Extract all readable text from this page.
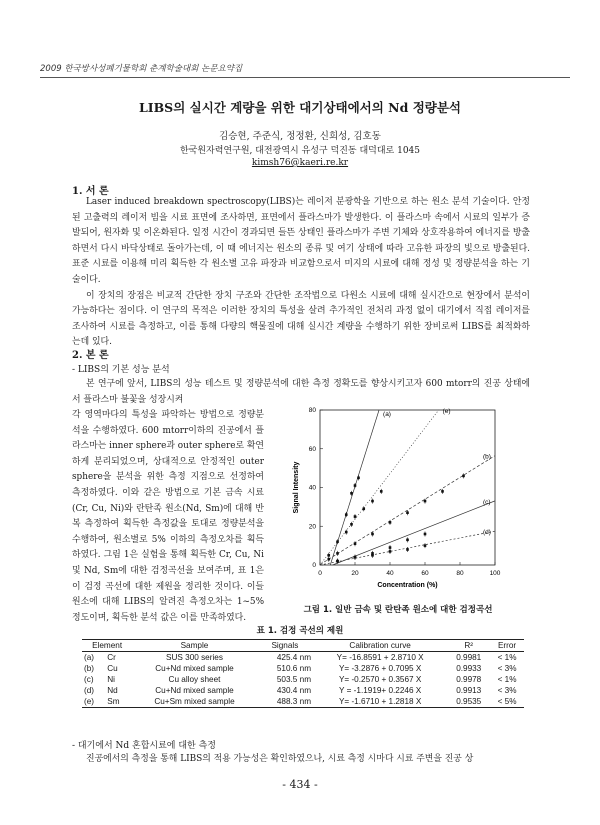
2009 한국방사성폐기물학회 춘계학술대회 논문요약집
LIBS의 실시간 계량을 위한 대기상태에서의 Nd 정량분석
김승현, 주준식, 정정환, 신희성, 김호동
한국원자력연구원, 대전광역시 유성구 덕진동 대덕대로 1045
kimsh76@kaeri.re.kr
1. 서 론

Laser induced breakdown spectroscopy(LIBS)는 레이저 분광학을 기반으로 하는 원소 분석 기술이다. 안정된 고출력의 레이저 빔을 시료 표면에 조사하면, 표면에서 플라스마가 발생한다. 이 플라스마 속에서 시료의 일부가 증발되어, 원자화 및 이온화된다. 일정 시간이 경과되면 들뜬 상태인 플라스마가 주변 기체와 상호작용하여 에너지를 방출하면서 다시 바닥상태로 돌아가는데, 이 때 에너지는 원소의 종류 및 여기 상태에 따라 고유한 파장의 빛으로 방출된다. 표준 시료를 이용해 미리 획득한 각 원소별 고유 파장과 비교함으로서 미지의 시료에 대해 정성 및 정량분석을 하는 기술이다.

이 장치의 장점은 비교적 간단한 장치 구조와 간단한 조작법으로 다원소 시료에 대해 실시간으로 현장에서 분석이 가능하다는 점이다. 이 연구의 목적은 이러한 장치의 특성을 살려 추가적인 전처리 과정 없이 대기에서 직접 레이저를 조사하여 시료를 측정하고, 이를 통해 다량의 핵물질에 대해 실시간 계량을 수행하기 위한 장비로써 LIBS를 최적화하는데 있다.

2. 본 론
- LIBS의 기본 성능 분석

본 연구에 앞서, LIBS의 성능 테스트 및 정량분석에 대한 측정 정확도를 향상시키고자 600 mtorr의 진공 상태에서 플라스마 불꽃을 성장시켜

각 영역마다의 특성을 파악하는 방법으로 정량분석을 수행하였다. 600 mtorr이하의 진공에서 플라스마는 inner sphere과 outer sphere로 확연하게 분리되었으며, 상대적으로 안정적인 outer sphere을 분석을 위한 측정 지점으로 선정하여 측정하였다. 이와 같은 방법으로 기본 금속 시료(Cr, Cu, Ni)와 란탄족 원소(Nd, Sm)에 대해 반복 측정하여 획득한 측정값을 토대로 정량분석을 수행하여, 원소별로 5% 이하의 측정오차를 획득하였다. 그림 1은 실험을 통해 획득한 Cr, Cu, Ni 및 Nd, Sm에 대한 검정곡선을 보여주며, 표 1은 이 검정 곡선에 대한 제원을 정리한 것이다. 이들 원소에 대해 LIBS의 알려진 측정오차는 1~5% 정도이며, 획득한 분석 값은 이를 만족하였다.

0	20	40	60	80	100
0
20
40
60
80
Concentration (%)
Signal Intensity
(a)
(b)
(c)
(d)
(e)
그림 1. 일반 금속 및 란탄족 원소에 대한 검정곡선
표 1. 검정 곡선의 제원
Element		Sample	Signals	Calibration curve	R²	Error
(a)	Cr	SUS 300 series	425.4 nm	Y= -16.8591 + 2.8710 X	0.9981	< 1%
(b)	Cu	Cu+Nd mixed sample	510.6 nm	Y= -3.2876 + 0.7095 X	0.9933	< 3%
(c)	Ni	Cu alloy sheet	503.5 nm	Y= -0.2570 + 0.3567 X	0.9978	< 1%
(d)	Nd	Cu+Nd mixed sample	430.4 nm	Y = -1.1919+ 0.2246 X	0.9913	< 3%
(e)	Sm	Cu+Sm mixed sample	488.3 nm	Y= -1.6710 + 1.2818 X	0.9535	< 5%
- 대기에서 Nd 혼합시료에 대한 측정

진공에서의 측정을 통해 LIBS의 적용 가능성은 확인하였으나, 시료 측정 시마다 시료 주변을 진공 상

- 434 -
